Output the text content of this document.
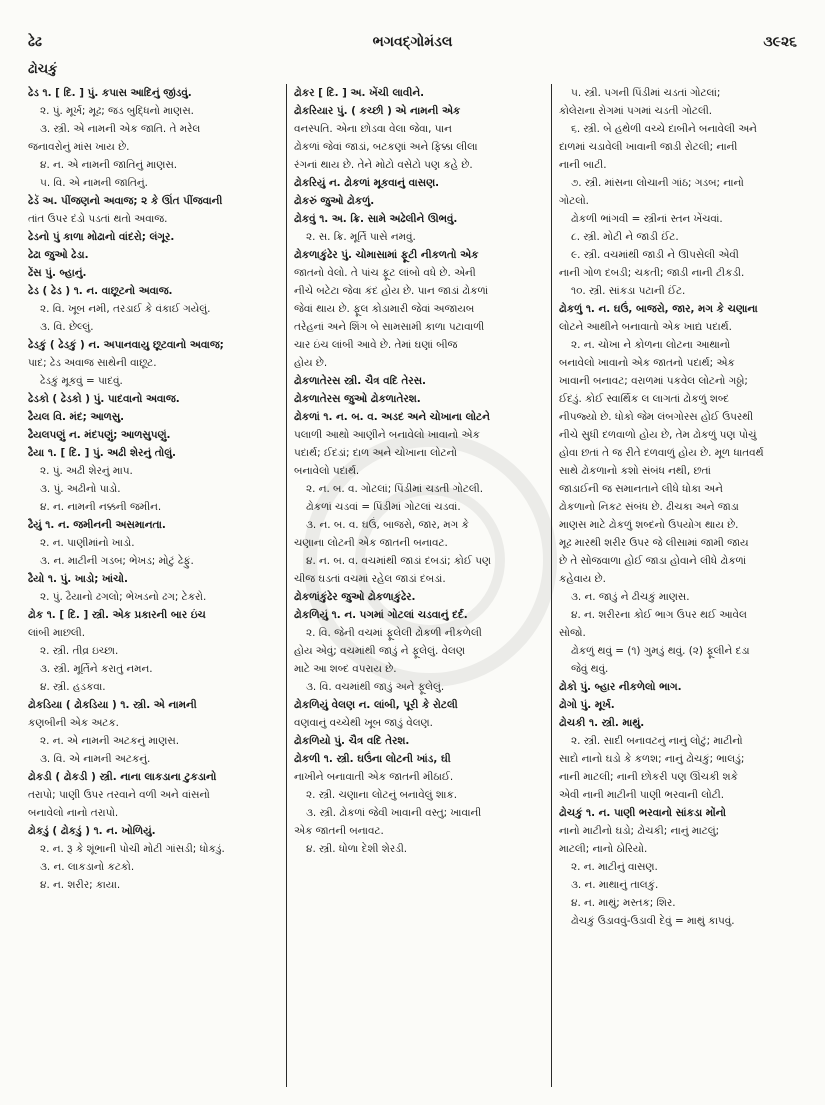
ઢેઢ	ભગવદ્ગોમંડલ	૩૯૨૬
ઢોચકું
ઢેડ ૧. [ દિ. ] પું. કપાસ આદિનું જીંડવું.
૨. પું. મૂર્ખ; મૂઢ; જડ બુદ્ધિનો માણસ.
૩. સ્ત્રી. એ નામની એક જાતિ. તે મરેલ
જનાવરોનું માંસ ખાય છે.
૪. ન. એ નામની જાતિનું માણસ.
૫. વિ. એ નામની જાતિનું.
ઢેડૅ અ. પીંજણનો અવાજ; ૨ કે ઊંત પીંજવાની
તાંત ઉપર દંડો પડતાં થતો અવાજ.
ઢેડનો પું કાળા મોઢાનો વાંદરો; લંગૂર.
ઢેઢા જુઓ ઢેડા.
ઢેંસ પું. બ્હાનું.
ઢેડ ( ઢેડ ) ૧. ન. વાછૂટનો અવાજ.
૨. વિ. ખૂબ નમી, તરડાઈ કે વંકાઈ ગયેલું.
૩. વિ. છેલ્લું.
ઢેડકું ( ઢેડકું ) ન. અપાનવાયુ છૂટવાનો અવાજ;
પાદ; ઢેડ અવાજ સાથેની વાછૂટ.
ઢેડકું મૂકવું = પાદવું.
ઢેડકો ( ઢેડકો ) પું. પાદવાનો અવાજ.
ઢૈયલ વિ. મંદ; આળસુ.
ઢૈયલપણું ન. મંદપણું; આળસુપણું.
ઢૈયા ૧. [ દિ. ] પું. અઢી શેરનું તોલું.
૨. પું. અઢી શેરનું માપ.
૩. પું. અઢીનો પાડો.
૪. ન. નામની નક્કની જમીન.
ઢૈયું ૧. ન. જમીનની અસમાનતા.
૨. ન. પાણીમાંનો ખાડો.
૩. ન. માટીની ગડબ; ભેખડ; મોટું ઢેફું.
ઢૈયો ૧. પું. ખાડો; ખાંચો.
૨. પું. ઢૈયાનો ઢગલો; ભેખડનો ઢગ; ટેકરો.
ઢોક ૧. [ દિ. ] સ્ત્રી. એક પ્રકારની બાર ઇંચ
લાંબી માછલી.
૨. સ્ત્રી. તીવ્ર ઇચ્છા.
૩. સ્ત્રી. મૂર્તિને કરાતું નમન.
૪. સ્ત્રી. હડકવા.
ઢોકડિયા ( ઢોકડિયા ) ૧. સ્ત્રી. એ નામની
કણબીની એક અટક.
૨. ન. એ નામની અટકનું માણસ.
૩. વિ. એ નામની અટકનું.
ઢોકડી ( ઢોકડી ) સ્ત્રી. નાના લાકડાના ટુકડાનો
તરાપો; પાણી ઉપર તરવાને વળી અને વાંસનો
બનાવેલો નાનો તરાપો.
ઢોકડું ( ઢોકડું ) ૧. ન. ખોળિયું.
૨. ન. રૂ કે શૂંભાની પોચી મોટી ગાંસડી; ધોકડું.
૩. ન. લાકડાનો કટકો.
૪. ન. શરીર; કાયા.
ઢોકર [ દિ. ] અ. ખેંચી લાવીને.
ઢોકરિયાર પું. ( કચ્છી ) એ નામની એક
વનસ્પતિ. એના છોડવા વેલા જેવા, પાન
ઢોકળાં જેવાં જાડાં, બટકણાં અને ફિક્કા લીલા
રંગનાં થાય છે. તેને મોટો વસેટો પણ કહે છે.
ઢોકરિયું ન. ઢોકળાં મૂકવાનું વાસણ.
ઢોકરું જુઓ ઢોકળું.
ઢોકવું ૧. અ. ક્રિ. સામે અઢેલીને ઊભવું.
૨. સ. ક્રિ. મૂર્તિ પાસે નમવું.
ઢોકળાકુંઢેર પું. ચોમાસામાં ફૂટી નીકળતો એક
જાતનો વેલો. તે પાંચ ફૂટ લાંબો વધે છે. એની
નીચે બટેટા જેવા કંદ હોય છે. પાન જાડાં ઢોકળાં
જેવાં થાય છે. ફૂલ કોડામારી જેવાં અજાયબ
તરેહનાં અને શિંગ બે સામસામી કાળા પટાવાળી
ચાર ઇંચ લાંબી આવે છે. તેમાં ઘણાં બીજ
હોય છે.
ઢોકળાતેરસ સ્ત્રી. ચૈત્ર વદિ તેરસ.
ઢોકળાતેરસ જુઓ ઢોકળાતેરશ.
ઢોકળાં ૧. ન. બ. વ. અડદ અને ચોખાના લોટને
પલાળી આથો આણીને બનાવેલો ખાવાનો એક
પદાર્થ; ઈદડાં; દાળ અને ચોખાના લોટનો
બનાવેલો પદાર્થ.
૨. ન. બ. વ. ગોટલાં; પિંડીમાં ચડતી ગોટલી.
ઢોકળાં ચડવાં = પિંડીમાં ગોટલાં ચડવાં.
૩. ન. બ. વ. ઘઉં, બાજરો, જાર, મગ કે
ચણાના લોટની એક જાતની બનાવટ.
૪. ન. બ. વ. વચમાંથી જાડાં દબડાં; કોઈ પણ
ચીજ ઘડતાં વચમાં રહેલ જાડાં દબડાં.
ઢોકળાંકુંઢેર જુઓ ઢોકળાકુંઢેર.
ઢોકળિયું ૧. ન. પગમાં ગોટલાં ચડવાનું દર્દ.
૨. વિ. જેની વચમાં ફૂલેલી ઢોકળી નીકળેલી
હોય એવું; વચમાંથી જાડું ને ફૂલેલું. વેલણ
માટે આ શબ્દ વપરાય છે.
૩. વિ. વચમાંથી જાડું અને ફૂલેલું.
ઢોકળિયું વેલણ ન. લાંબી, પૂરી કે રોટલી
વણવાનું વચ્ચેથી ખૂબ જાડું વેલણ.
ઢોકળિયો પું. ચૈત્ર વદિ તેરશ.
ઢોકળી ૧. સ્ત્રી. ઘઉંના લોટની ખાંડ, ઘી
નાખીને બનાવાતી એક જાતની મીઠાઈ.
૨. સ્ત્રી. ચણાના લોટનું બનાવેલું શાક.
૩. સ્ત્રી. ઢોકળાં જેવી ખાવાની વસ્તુ; ખાવાની
એક જાતની બનાવટ.
૪. સ્ત્રી. ધોળા દેશી શેરડી.
૫. સ્ત્રી. પગની પિંડીમાં ચડતાં ગોટલાં;
કોલેરાના રોગમાં પગમાં ચડતી ગોટલી.
૬. સ્ત્રી. બે હથેળી વચ્ચે દાબીને બનાવેલી અને
દાળમાં ચડાવેલી ખાવાની જાડી રોટલી; નાની
નાની બાટી.
૭. સ્ત્રી. માંસના લોચાની ગાંઠ; ગડબ; નાનો
ગોટલો.
ઢોકળી ભાંગવી = સ્ત્રીનાં સ્તન ખેંચવાં.
૮. સ્ત્રી. મોટી ને જાડી ઈંટ.
૯. સ્ત્રી. વચમાંથી જાડી ને ઊપસેલી એવી
નાની ગોળ દબડી; ચકતી; જાડી નાની ટીકડી.
૧૦. સ્ત્રી. સાંકડા પટાની ઈંટ.
ઢોકળું ૧. ન. ઘઉં, બાજરો, જાર, મગ કે ચણાના
લોટને આથીને બનાવાતો એક ખાદ્ય પદાર્થ.
૨. ન. ચોખા ને કોળના લોટના આથાનો
બનાવેલો ખાવાનો એક જાતનો પદાર્થ; એક
ખાવાની બનાવટ; વરાળમાં પકવેલ લોટનો ગઠ્ઠો;
ઈદડું. કોઈ સ્વાર્થિક લ લાગતાં ઢોકળું શબ્દ
નીપજ્યો છે. ધોકો જેમ લંબગોરસ હોઈ ઉપરથી
નીચે સુધી દળવાળો હોય છે, તેમ ઢોકળું પણ પોચું
હોવા છતાં તે જ રીતે દળવાળું હોય છે. મૂળ ધાતવર્થ
સાથે ઢોકળાનો કશો સંબંધ નથી, છતાં
જાડાઈની જ સમાનતાને લીધે ધોકા અને
ઢોકળાનો નિકટ સંબંધ છે. ઢીચકા અને જાડા
માણસ માટે ઢોકળું શબ્દનો ઉપયોગ થાય છે.
મૂઢ મારથી શરીર ઉપર જે લીસામાં જામી જાય
છે તે સોજવાળા હોઈ જાડા હોવાને લીધે ઢોકળાં
કહેવાય છે.
૩. ન. જાડું ને ઢીચકું માણસ.
૪. ન. શરીરના કોઈ ભાગ ઉપર થઈ આવેલ
સોજો.
ઢોકળું થવું = (૧) ગુમડું થવું. (૨) ફૂલીને દડા
જેવું થવું.
ઢોકો પું. બ્હાર નીકળેલો ભાગ.
ઢોગો પું. મૂર્ખ.
ઢોચકી ૧. સ્ત્રી. માથું.
૨. સ્ત્રી. સાદી બનાવટનું નાનું લોટું; માટીનો
સાદો નાનો ઘડો કે કળશ; નાનું ઢોચકું; ભાલડું;
નાની માટલી; નાની છોકરી પણ ઊંચકી શકે
એવી નાની માટીની પાણી ભરવાની લોટી.
ઢોચકું ૧. ન. પાણી ભરવાનો સાંકડા મોંનો
નાનો માટીનો ઘડો; ઢોચકી; નાનું માટલું;
માટલી; નાનો ઠોરિયો.
૨. ન. માટીનું વાસણ.
૩. ન. માથાનું તાલકું.
૪. ન. માથું; મસ્તક; શિર.
ઢોચકું ઉડાવવું-ઉડાવી દેવું = માથું કાપવું.
